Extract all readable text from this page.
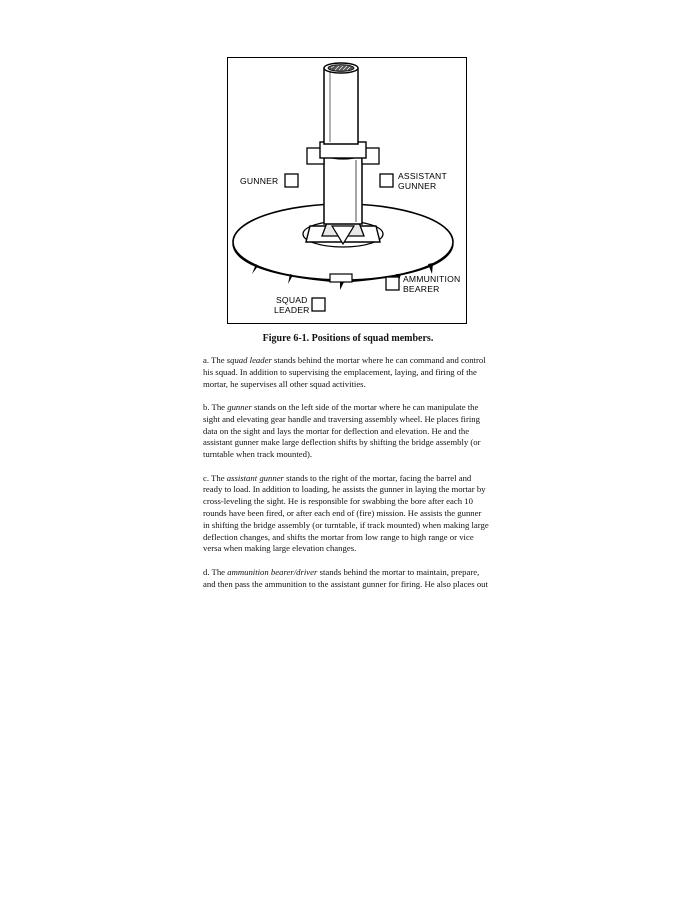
GUNNER	ASSISTANT
GUNNER
AMMUNITION
BEARER
SQUAD
LEADER
Figure 6-1. Positions of squad members.

a. The squad leader stands behind the mortar where he can command and control
his squad. In addition to supervising the emplacement, laying, and firing of the
mortar, he supervises all other squad activities.

b. The gunner stands on the left side of the mortar where he can manipulate the
sight and elevating gear handle and traversing assembly wheel. He places firing
data on the sight and lays the mortar for deflection and elevation. He and the
assistant gunner make large deflection shifts by shifting the bridge assembly (or
turntable when track mounted).

c. The assistant gunner stands to the right of the mortar, facing the barrel and
ready to load. In addition to loading, he assists the gunner in laying the mortar by
cross-leveling the sight. He is responsible for swabbing the bore after each 10
rounds have been fired, or after each end of (fire) mission. He assists the gunner
in shifting the bridge assembly (or turntable, if track mounted) when making large
deflection changes, and shifts the mortar from low range to high range or vice
versa when making large elevation changes.

d. The ammunition bearer/driver stands behind the mortar to maintain, prepare,
and then pass the ammunition to the assistant gunner for firing. He also places out
